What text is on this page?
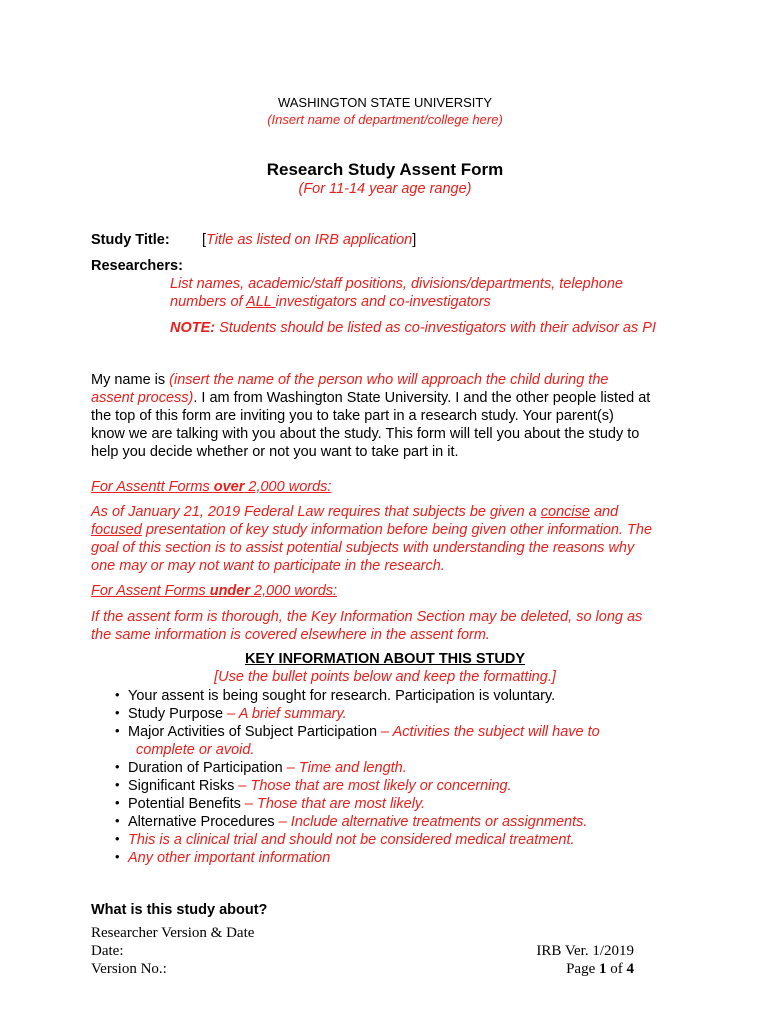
WASHINGTON STATE UNIVERSITY
(Insert name of department/college here)
Research Study Assent Form
(For 11-14 year age range)
Study Title: [Title as listed on IRB application]
Researchers:
List names, academic/staff positions, divisions/departments, telephone
numbers of ALL investigators and co-investigators
NOTE: Students should be listed as co-investigators with their advisor as PI
My name is (insert the name of the person who will approach the child during the
assent process). I am from Washington State University. I and the other people listed at
the top of this form are inviting you to take part in a research study. Your parent(s)
know we are talking with you about the study. This form will tell you about the study to
help you decide whether or not you want to take part in it.
For Assentt Forms over 2,000 words:
As of January 21, 2019 Federal Law requires that subjects be given a concise and
focused presentation of key study information before being given other information. The
goal of this section is to assist potential subjects with understanding the reasons why
one may or may not want to participate in the research.
For Assent Forms under 2,000 words:
If the assent form is thorough, the Key Information Section may be deleted, so long as
the same information is covered elsewhere in the assent form.
KEY INFORMATION ABOUT THIS STUDY
[Use the bullet points below and keep the formatting.]
• Your assent is being sought for research. Participation is voluntary.
• Study Purpose – A brief summary.
• Major Activities of Subject Participation – Activities the subject will have to
complete or avoid.
• Duration of Participation – Time and length.
• Significant Risks – Those that are most likely or concerning.
• Potential Benefits – Those that are most likely.
• Alternative Procedures – Include alternative treatments or assignments.
• This is a clinical trial and should not be considered medical treatment.
• Any other important information
What is this study about?
Researcher Version & Date
Date:
Version No.:
IRB Ver. 1/2019
Page 1 of 4
